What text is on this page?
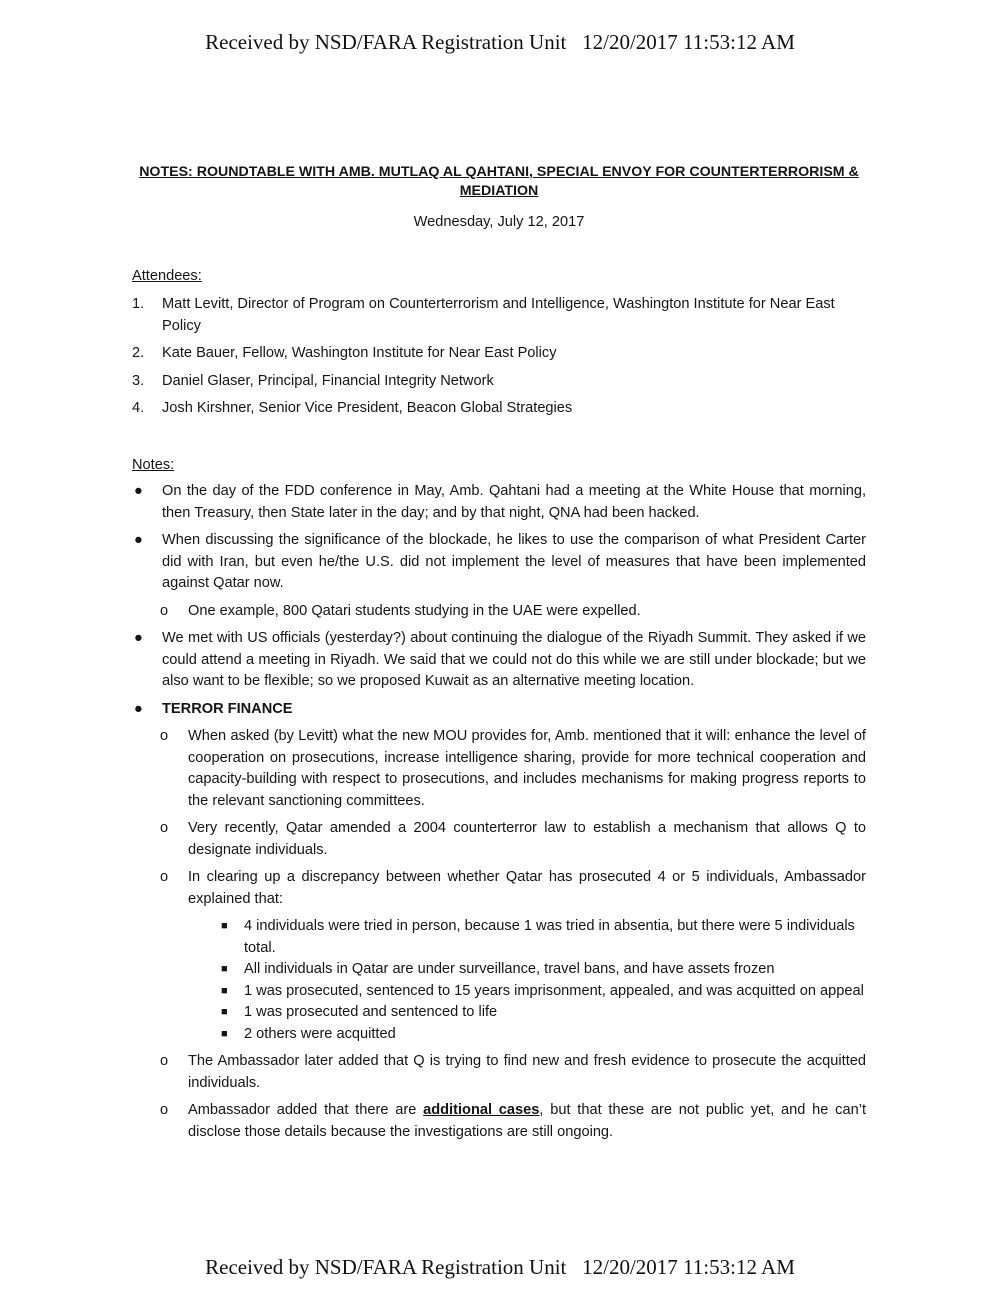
Received by NSD/FARA Registration Unit   12/20/2017 11:53:12 AM
NOTES: ROUNDTABLE WITH AMB. MUTLAQ AL QAHTANI, SPECIAL ENVOY FOR COUNTERTERRORISM & MEDIATION
Wednesday, July 12, 2017
Attendees:
1. Matt Levitt, Director of Program on Counterterrorism and Intelligence, Washington Institute for Near East Policy
2. Kate Bauer, Fellow, Washington Institute for Near East Policy
3. Daniel Glaser, Principal, Financial Integrity Network
4. Josh Kirshner, Senior Vice President, Beacon Global Strategies
Notes:
● On the day of the FDD conference in May, Amb. Qahtani had a meeting at the White House that morning, then Treasury, then State later in the day; and by that night, QNA had been hacked.
● When discussing the significance of the blockade, he likes to use the comparison of what President Carter did with Iran, but even he/the U.S. did not implement the level of measures that have been implemented against Qatar now.
o One example, 800 Qatari students studying in the UAE were expelled.
● We met with US officials (yesterday?) about continuing the dialogue of the Riyadh Summit. They asked if we could attend a meeting in Riyadh. We said that we could not do this while we are still under blockade; but we also want to be flexible; so we proposed Kuwait as an alternative meeting location.
● TERROR FINANCE
o When asked (by Levitt) what the new MOU provides for, Amb. mentioned that it will: enhance the level of cooperation on prosecutions, increase intelligence sharing, provide for more technical cooperation and capacity-building with respect to prosecutions, and includes mechanisms for making progress reports to the relevant sanctioning committees.
o Very recently, Qatar amended a 2004 counterterror law to establish a mechanism that allows Q to designate individuals.
o In clearing up a discrepancy between whether Qatar has prosecuted 4 or 5 individuals, Ambassador explained that:
■ 4 individuals were tried in person, because 1 was tried in absentia, but there were 5 individuals total.
■ All individuals in Qatar are under surveillance, travel bans, and have assets frozen
■ 1 was prosecuted, sentenced to 15 years imprisonment, appealed, and was acquitted on appeal
■ 1 was prosecuted and sentenced to life
■ 2 others were acquitted
o The Ambassador later added that Q is trying to find new and fresh evidence to prosecute the acquitted individuals.
o Ambassador added that there are additional cases, but that these are not public yet, and he can’t disclose those details because the investigations are still ongoing.
Received by NSD/FARA Registration Unit   12/20/2017 11:53:12 AM
